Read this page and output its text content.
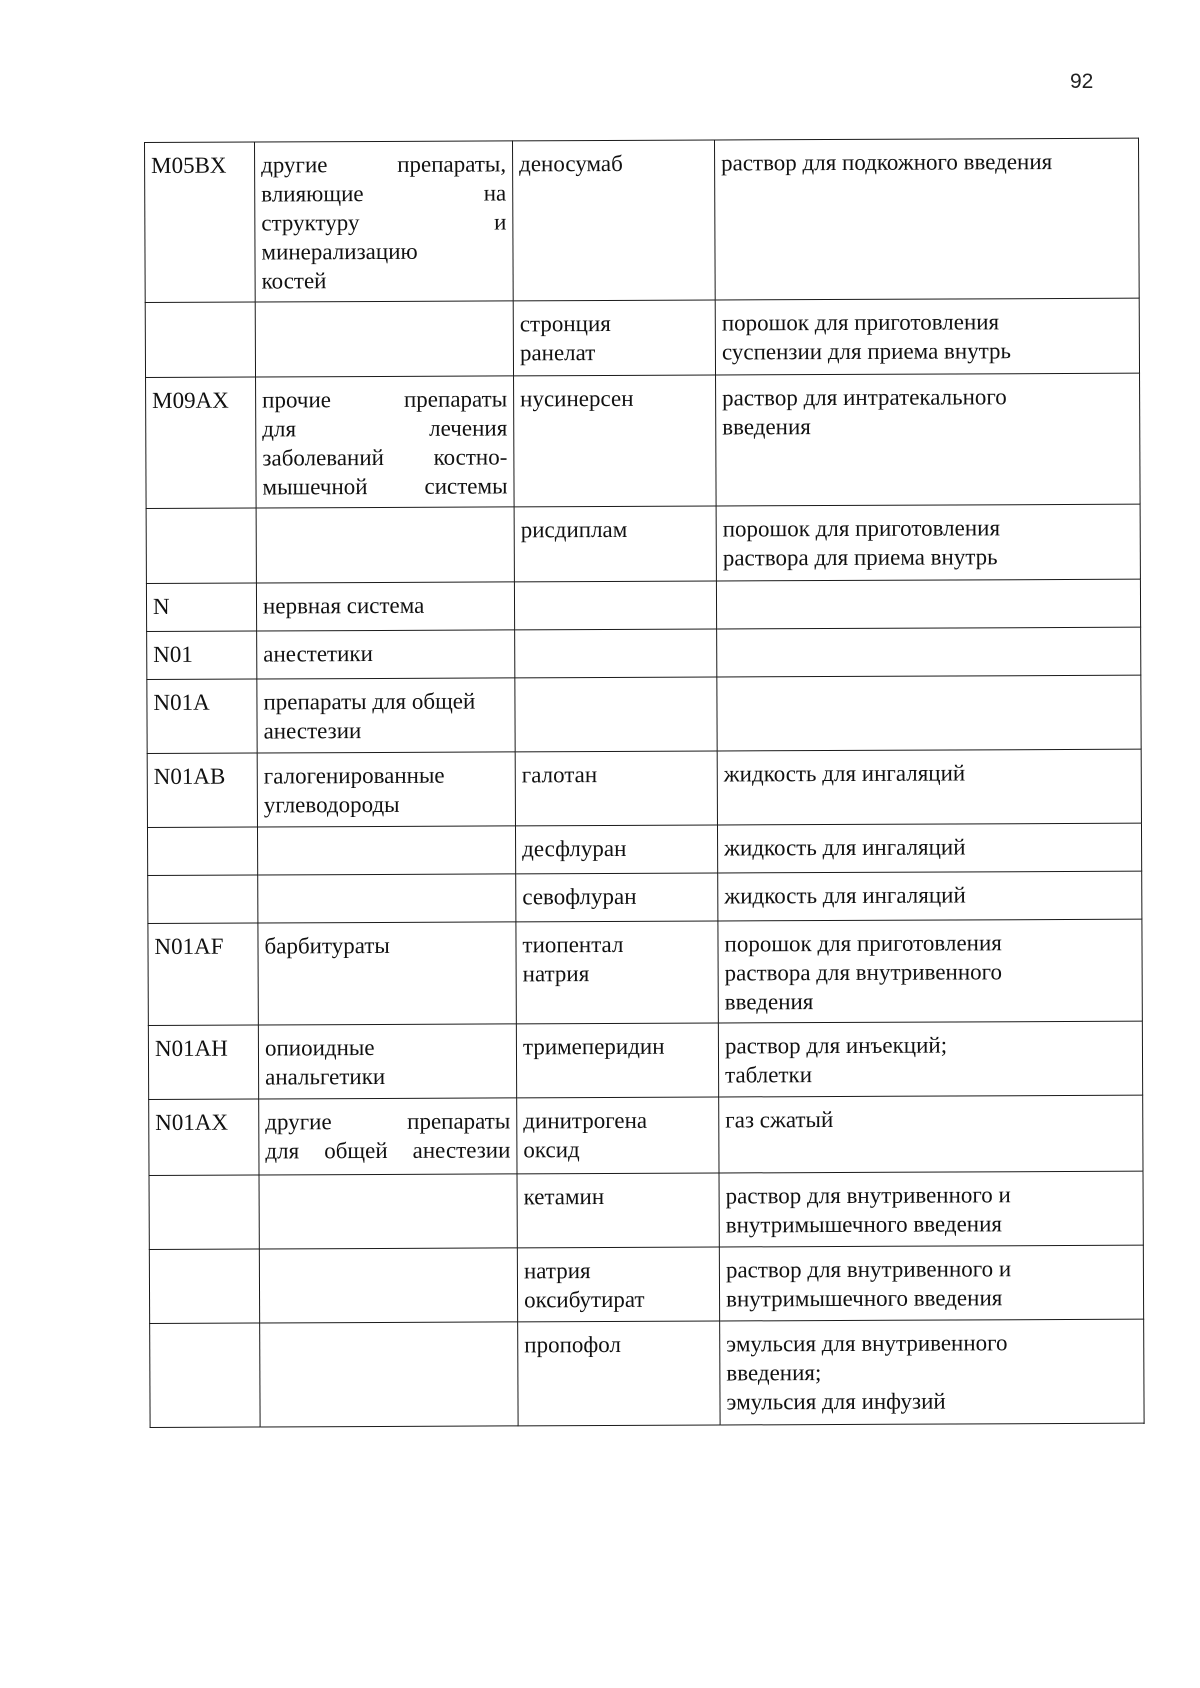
92
M05BX	другие препараты,
влияющие на
структуру и
минерализацию
костей	деносумаб	раствор для подкожного введения

		стронция
ранелат	порошок для приготовления
суспензии для приема внутрь

M09AX	прочие препараты
для лечения
заболеваний костно-
мышечной системы	нусинерсен	раствор для интратекального
введения

		рисдиплам	порошок для приготовления
раствора для приема внутрь

N	нервная система		

N01	анестетики		

N01A	препараты для общей
анестезии		

N01AB	галогенированные
углеводороды	галотан	жидкость для ингаляций

		десфлуран	жидкость для ингаляций

		севофлуран	жидкость для ингаляций

N01AF	барбитураты	тиопентал
натрия	порошок для приготовления
раствора для внутривенного
введения

N01AH	опиоидные
анальгетики	тримеперидин	раствор для инъекций;
таблетки

N01AX	другие препараты
для общей анестезии	динитрогена
оксид	газ сжатый

		кетамин	раствор для внутривенного и
внутримышечного введения

		натрия
оксибутират	раствор для внутривенного и
внутримышечного введения

		пропофол	эмульсия для внутривенного
введения;
эмульсия для инфузий
